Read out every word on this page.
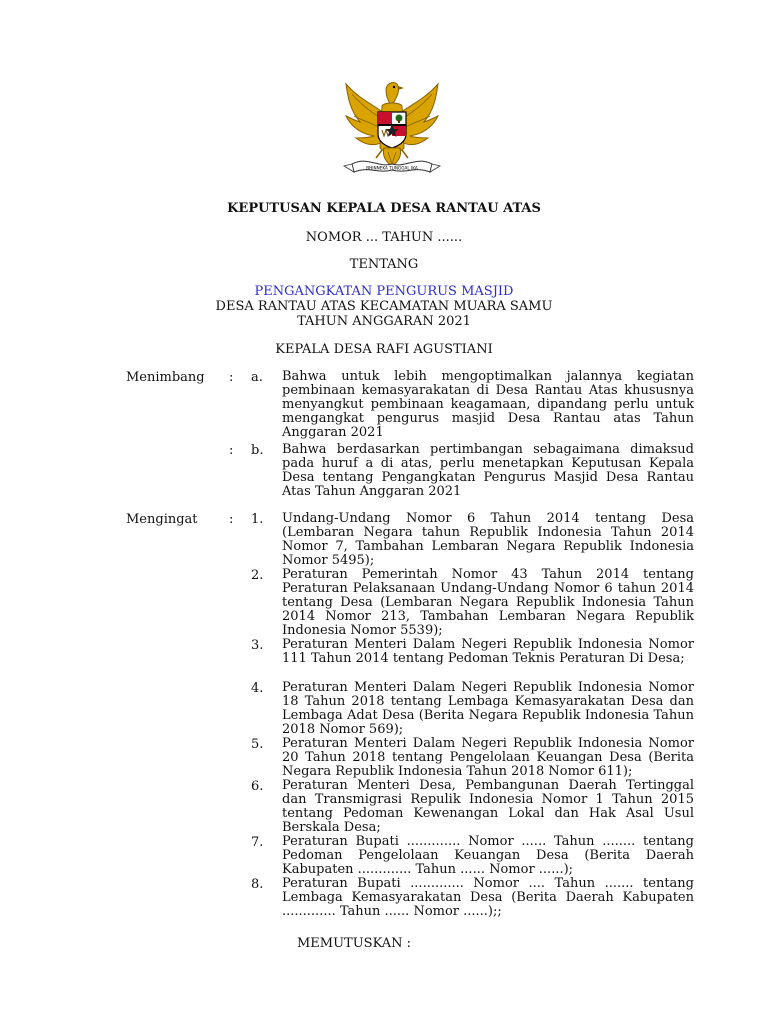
BHINNEKA TUNGGAL IKA
KEPUTUSAN KEPALA DESA RANTAU ATAS
NOMOR ... TAHUN ......
TENTANG
PENGANGKATAN PENGURUS MASJID
DESA RANTAU ATAS KECAMATAN MUARA SAMU
TAHUN ANGGARAN 2021
KEPALA DESA RAFI AGUSTIANI
Menimbang : a. Bahwa untuk lebih mengoptimalkan jalannya kegiatan pembinaan kemasyarakatan di Desa Rantau Atas khususnya menyangkut pembinaan keagamaan, dipandang perlu untuk mengangkat pengurus masjid Desa Rantau atas Tahun Anggaran 2021
: b. Bahwa berdasarkan pertimbangan sebagaimana dimaksud pada huruf a di atas, perlu menetapkan Keputusan Kepala Desa tentang Pengangkatan Pengurus Masjid Desa Rantau Atas Tahun Anggaran 2021
Mengingat : 1. Undang-Undang Nomor 6 Tahun 2014 tentang Desa (Lembaran Negara tahun Republik Indonesia Tahun 2014 Nomor 7, Tambahan Lembaran Negara Republik Indonesia Nomor 5495);
2. Peraturan Pemerintah Nomor 43 Tahun 2014 tentang Peraturan Pelaksanaan Undang-Undang Nomor 6 tahun 2014 tentang Desa (Lembaran Negara Republik Indonesia Tahun 2014 Nomor 213, Tambahan Lembaran Negara Republik Indonesia Nomor 5539);
3. Peraturan Menteri Dalam Negeri Republik Indonesia Nomor 111 Tahun 2014 tentang Pedoman Teknis Peraturan Di Desa;
4. Peraturan Menteri Dalam Negeri Republik Indonesia Nomor 18 Tahun 2018 tentang Lembaga Kemasyarakatan Desa dan Lembaga Adat Desa (Berita Negara Republik Indonesia Tahun 2018 Nomor 569);
5. Peraturan Menteri Dalam Negeri Republik Indonesia Nomor 20 Tahun 2018 tentang Pengelolaan Keuangan Desa (Berita Negara Republik Indonesia Tahun 2018 Nomor 611);
6. Peraturan Menteri Desa, Pembangunan Daerah Tertinggal dan Transmigrasi Repulik Indonesia Nomor 1 Tahun 2015 tentang Pedoman Kewenangan Lokal dan Hak Asal Usul Berskala Desa;
7. Peraturan Bupati ............. Nomor ...... Tahun ........ tentang Pedoman Pengelolaan Keuangan Desa (Berita Daerah Kabupaten ............. Tahun ...... Nomor ......);
8. Peraturan Bupati ............. Nomor .... Tahun ....... tentang Lembaga Kemasyarakatan Desa (Berita Daerah Kabupaten ............. Tahun ...... Nomor ......);;
MEMUTUSKAN :
